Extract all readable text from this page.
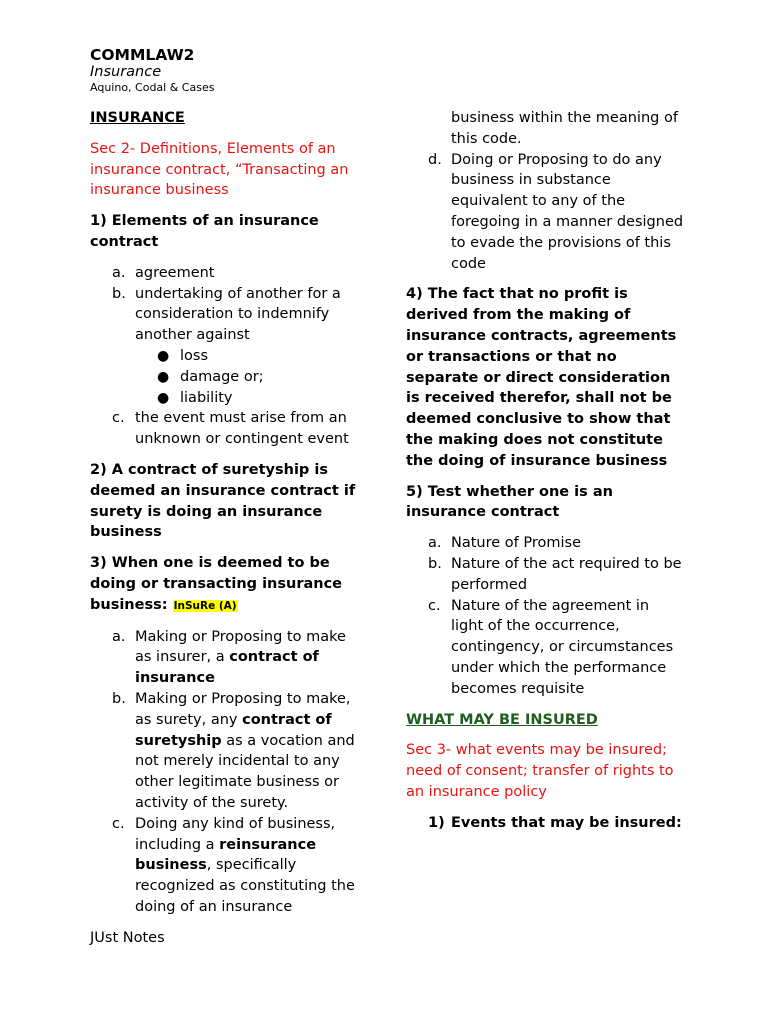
COMMLAW2
Insurance
Aquino, Codal & Cases
INSURANCE
Sec 2- Definitions, Elements of an insurance contract, “Transacting an insurance business
1) Elements of an insurance contract
a. agreement
b. undertaking of another for a consideration to indemnify another against
● loss
● damage or;
● liability
c. the event must arise from an unknown or contingent event
2) A contract of suretyship is deemed an insurance contract if surety is doing an insurance business
3) When one is deemed to be doing or transacting insurance business: InSuRe (A)
a. Making or Proposing to make as insurer, a contract of insurance
b. Making or Proposing to make, as surety, any contract of suretyship as a vocation and not merely incidental to any other legitimate business or activity of the surety.
c. Doing any kind of business, including a reinsurance business, specifically recognized as constituting the doing of an insurance
business within the meaning of this code.
d. Doing or Proposing to do any business in substance equivalent to any of the foregoing in a manner designed to evade the provisions of this code
4) The fact that no profit is derived from the making of insurance contracts, agreements or transactions or that no separate or direct consideration is received therefor, shall not be deemed conclusive to show that the making does not constitute the doing of insurance business
5) Test whether one is an insurance contract
a. Nature of Promise
b. Nature of the act required to be performed
c. Nature of the agreement in light of the occurrence, contingency, or circumstances under which the performance becomes requisite
WHAT MAY BE INSURED
Sec 3- what events may be insured; need of consent; transfer of rights to an insurance policy
1) Events that may be insured:
JUst Notes
